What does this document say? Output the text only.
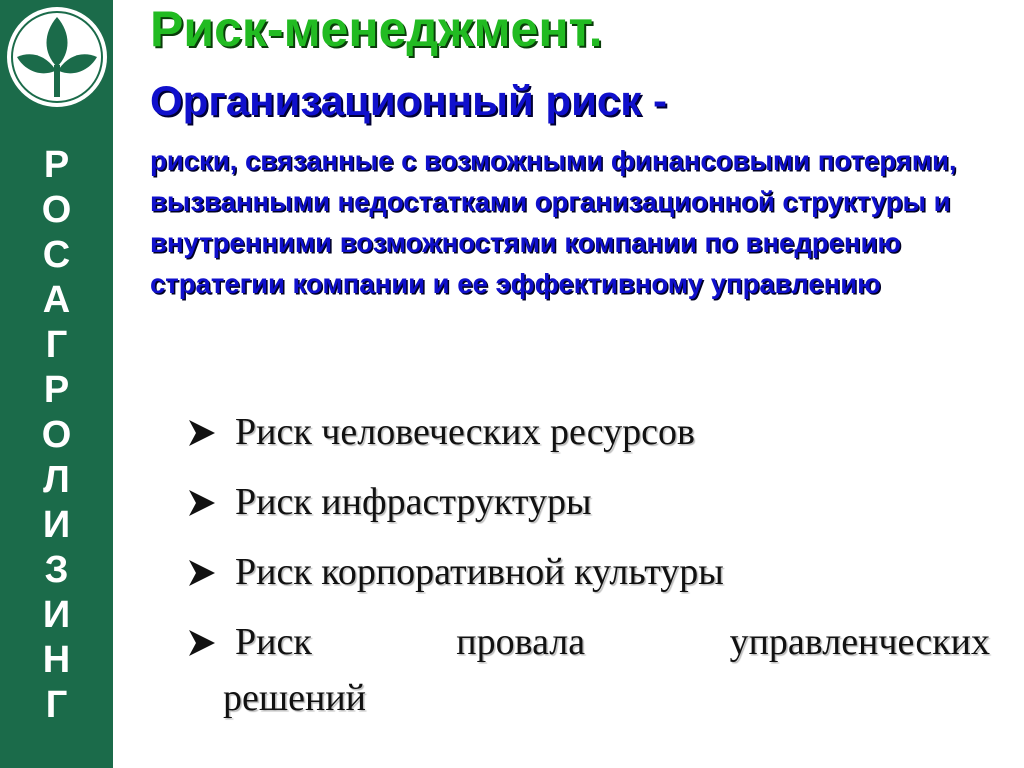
Р
О
С
А
Г
Р
О
Л
И
З
И
Н
Г
Риск-менеджмент.
Организационный риск -

риски, связанные с возможными финансовыми потерями, вызванными недостатками организационной структуры и внутренними возможностями компании по внедрению стратегии компании и ее эффективному управлению

Риск человеческих ресурсов
Риск инфраструктуры
Риск корпоративной культуры
Риск провала управленческих
решений
